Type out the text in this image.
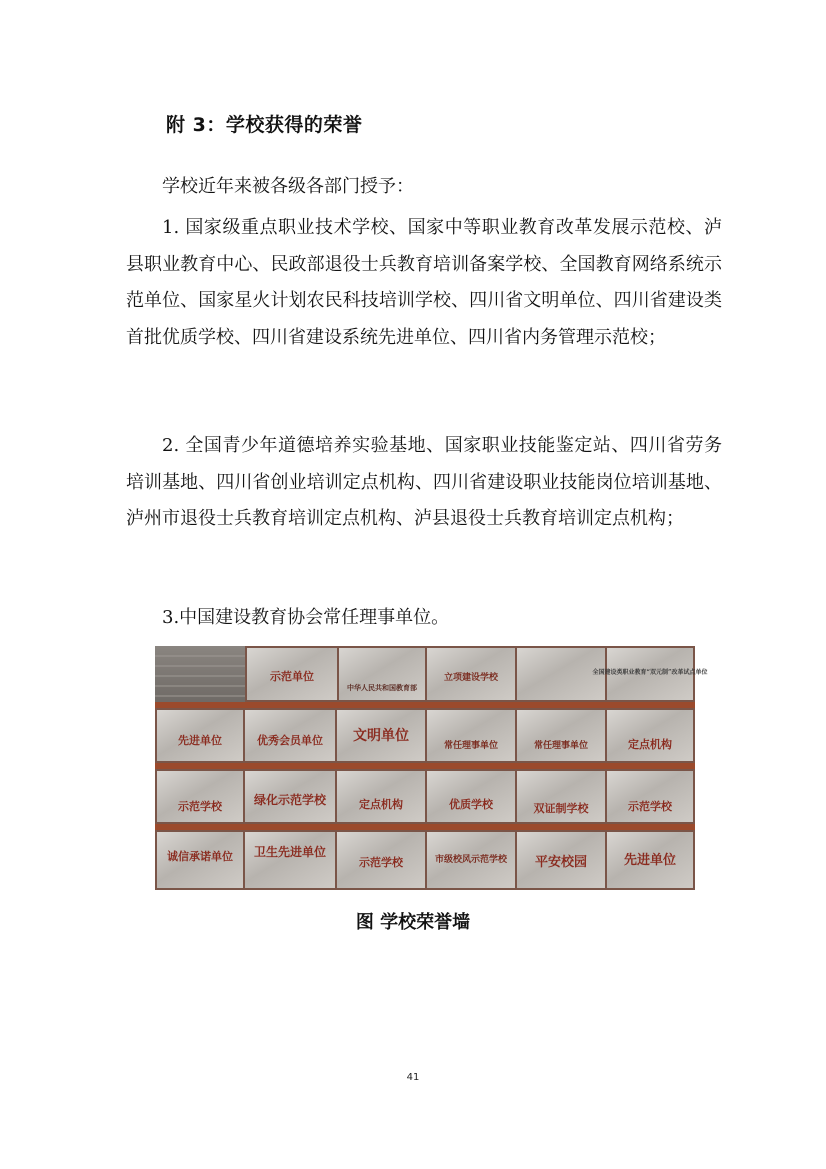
附 3：学校获得的荣誉

学校近年来被各级各部门授予：

1. 国家级重点职业技术学校、国家中等职业教育改革发展示范校、泸县职业教育中心、民政部退役士兵教育培训备案学校、全国教育网络系统示范单位、国家星火计划农民科技培训学校、四川省文明单位、四川省建设类首批优质学校、四川省建设系统先进单位、四川省内务管理示范校；

2. 全国青少年道德培养实验基地、国家职业技能鉴定站、四川省劳务培训基地、四川省创业培训定点机构、四川省建设职业技能岗位培训基地、泸州市退役士兵教育培训定点机构、泸县退役士兵教育培训定点机构；

3.中国建设教育协会常任理事单位。

示范单位
中华人民共和国教育部
立项建设学校
全国建设类职业教育“双元制”改革试点单位
先进单位	优秀会员单位 文明单位
常任理事单位	常任理事单位	定点机构
示范学校	绿化示范学校	定点机构	优质学校	双证制学校	示范学校
诚信承诺单位 卫生先进单位
示范学校	市级校风示范学校 平安校园	先进单位
图 学校荣誉墙
41
